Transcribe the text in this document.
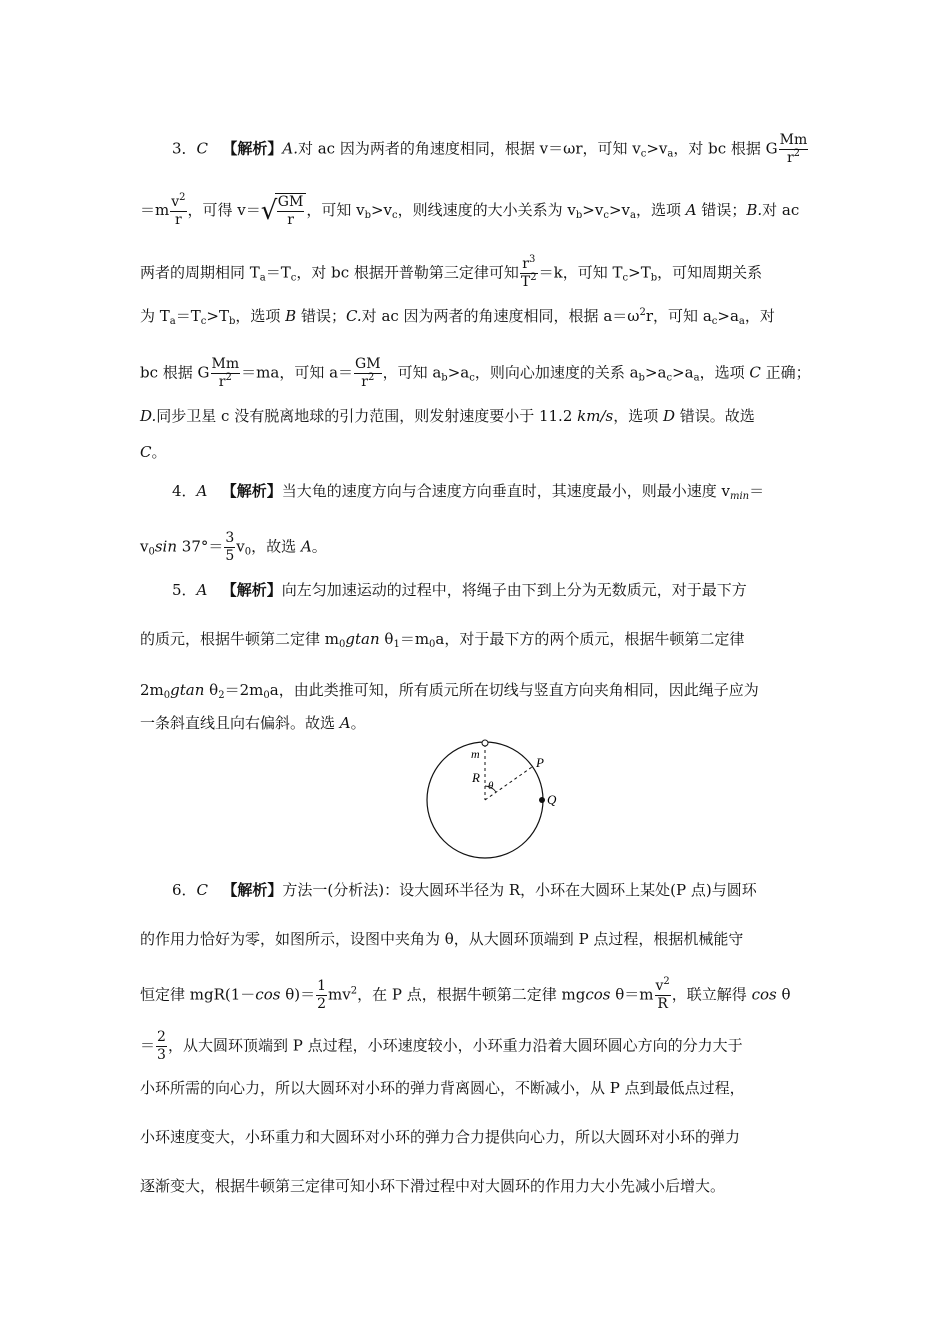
3．C 【解析】A.对 ac 因为两者的角速度相同，根据 v＝ωr，可知 $v_c>v_a$，对 bc 根据 G $\frac{Mm}{r^2}$
$=m \frac{v^2}{r}$ ，可得 v＝ √ $\frac{GM}{r}$ ，可知 $v_b>v_c$，则线速度的大小关系为 $v_b>v_c>v_a$，选项 A 错误；B.对 ac
两者的周期相同 $T_a=T_c$，对 bc 根据开普勒第三定律可知 $\frac{r^3}{T^2} =k$，可知 $T_c>T_b$，可知周期关系
为 $T_a=T_c>T_b$，选项 B 错误；C.对 ac 因为两者的角速度相同，根据 $a=\omega^2r$，可知 $a_c>a_a$，对
bc 根据 G $\frac{Mm}{r^2} =ma$，可知 $a= \frac{GM}{r^2}$ ，可知 $a_b>a_c$，则向心加速度的关系 $a_b>a_c>a_a$，选项 C 正确；
D.同步卫星 c 没有脱离地球的引力范围，则发射速度要小于 11.2 km/s，选项 D 错误。故选
C。
4．A 【解析】当大龟的速度方向与合速度方向垂直时，其速度最小，则最小速度 $v_{min}=$
$v_0\sin$ $37^\circ= \frac{3}{5} v_0$，故选 A。
5．A 【解析】向左匀加速运动的过程中，将绳子由下到上分为无数质元，对于最下方
的质元，根据牛顿第二定律 $m_0gtan$ $\theta_1=m_0a$，对于最下方的两个质元，根据牛顿第二定律
$2m_0gtan$ $\theta_2=2m_0a$，由此类推可知，所有质元所在切线与竖直方向夹角相同，因此绳子应为
一条斜直线且向右偏斜。故选 A。
m
R
θ
P
Q
6．C 【解析】方法一(分析法)：设大圆环半径为 R，小环在大圆环上某处(P 点)与圆环
的作用力恰好为零，如图所示，设图中夹角为 θ，从大圆环顶端到 P 点过程，根据机械能守
恒定律 mgR(1－cos $\theta)= \frac{1}{2} mv^2$，在 P 点，根据牛顿第二定律 mgcos $\theta=m \frac{v^2}{R}$ ，联立解得 cos θ
＝ $\frac{2}{3}$ ，从大圆环顶端到 P 点过程，小环速度较小，小环重力沿着大圆环圆心方向的分力大于
小环所需的向心力，所以大圆环对小环的弹力背离圆心，不断减小，从 P 点到最低点过程，
小环速度变大，小环重力和大圆环对小环的弹力合力提供向心力，所以大圆环对小环的弹力
逐渐变大，根据牛顿第三定律可知小环下滑过程中对大圆环的作用力大小先减小后增大。
